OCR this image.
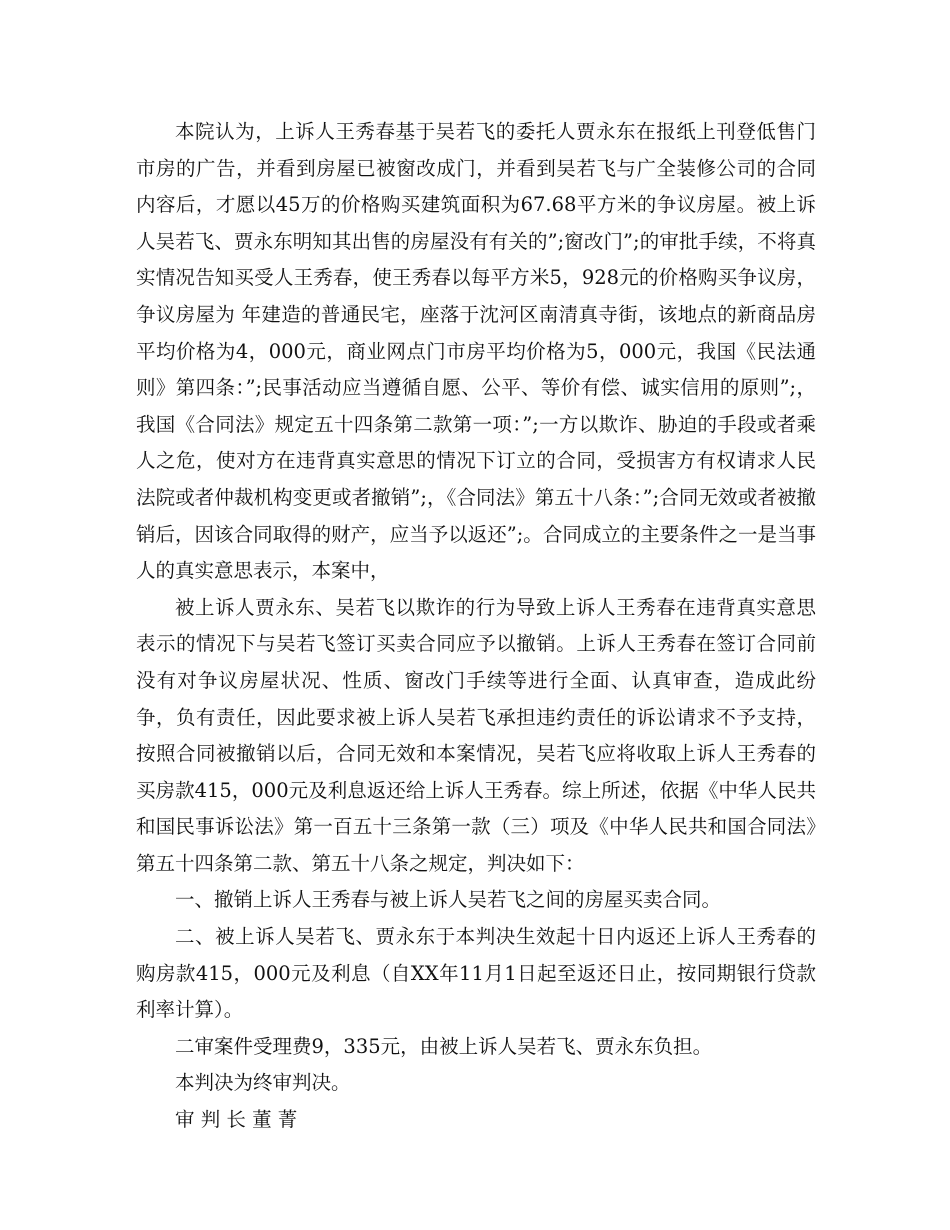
本院认为，上诉人王秀春基于吴若飞的委托人贾永东在报纸上刊登低售门市房的广告，并看到房屋已被窗改成门，并看到吴若飞与广全装修公司的合同内容后，才愿以45万的价格购买建筑面积为67.68平方米的争议房屋。被上诉人吴若飞、贾永东明知其出售的房屋没有有关的”;窗改门”;的审批手续，不将真实情况告知买受人王秀春，使王秀春以每平方米5，928元的价格购买争议房，争议房屋为 年建造的普通民宅，座落于沈河区南清真寺街，该地点的新商品房平均价格为4，000元，商业网点门市房平均价格为5，000元，我国《民法通则》第四条：”;民事活动应当遵循自愿、公平、等价有偿、诚实信用的原则”;，我国《合同法》规定五十四条第二款第一项：”;一方以欺诈、胁迫的手段或者乘人之危，使对方在违背真实意思的情况下订立的合同，受损害方有权请求人民法院或者仲裁机构变更或者撤销”;，《合同法》第五十八条：”;合同无效或者被撤销后，因该合同取得的财产，应当予以返还”;。合同成立的主要条件之一是当事人的真实意思表示，本案中，

被上诉人贾永东、吴若飞以欺诈的行为导致上诉人王秀春在违背真实意思表示的情况下与吴若飞签订买卖合同应予以撤销。上诉人王秀春在签订合同前没有对争议房屋状况、性质、窗改门手续等进行全面、认真审查，造成此纷争，负有责任，因此要求被上诉人吴若飞承担违约责任的诉讼请求不予支持，按照合同被撤销以后，合同无效和本案情况，吴若飞应将收取上诉人王秀春的买房款415，000元及利息返还给上诉人王秀春。综上所述，依据《中华人民共和国民事诉讼法》第一百五十三条第一款（三）项及《中华人民共和国合同法》第五十四条第二款、第五十八条之规定，判决如下：

一、撤销上诉人王秀春与被上诉人吴若飞之间的房屋买卖合同。

二、被上诉人吴若飞、贾永东于本判决生效起十日内返还上诉人王秀春的购房款415，000元及利息（自XX年11月1日起至返还日止，按同期银行贷款利率计算）。

二审案件受理费9，335元，由被上诉人吴若飞、贾永东负担。

本判决为终审判决。

审 判 长 董 菁
